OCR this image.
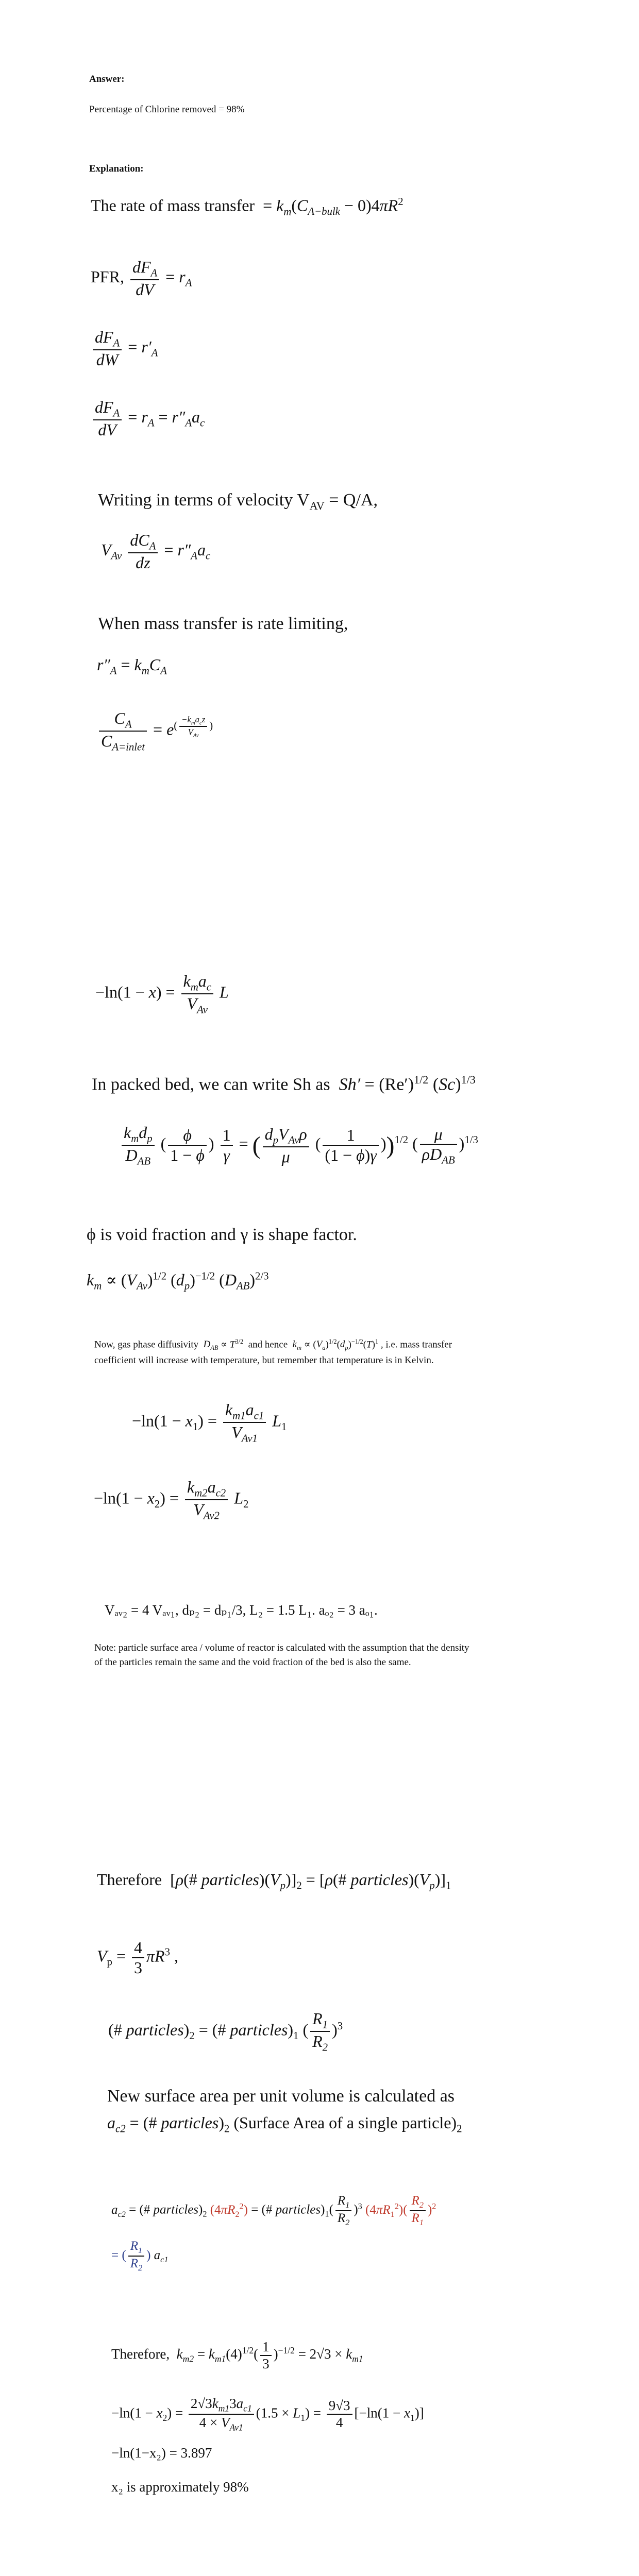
Answer:
Percentage of Chlorine removed = 98%
Explanation:
The rate of mass transfer  = $k_m(C_{A-bulk} - 0)4\pi R^2$
PFR, $\frac{dF_A}{dV} = r_A$
$\frac{dF_A}{dW} = r'_A$
$\frac{dF_A}{dV} = r_A = r''_Aa_c$
Writing in terms of velocity $V_{AV} = Q/A$,
$V_{Av} \frac{dC_A}{dz} = r''_Aa_c$
When mass transfer is rate limiting,
$r''_A = k_mC_A$
$\frac{C_A}{C_{A=inlet}} = e^{( \frac{-k_ma_cz}{V_{Av}} )}$
$-\ln(1 - x) = \frac{k_ma_c}{V_{Av}}$ L
In packed bed, we can write Sh as $Sh' = (Re')^{1/2}$ $(Sc)^{1/3}$
$\frac{k_md_p}{D_{AB}}$ ( $\frac{\phi}{1 - \phi}$ ) $\frac{1}{\gamma}$ = ( $\frac{d_pV_{Av}\rho}{\mu}$ ( $\frac{1}{(1 - \phi)\gamma} ))^{1/2}$ ( $\frac{\mu}{\rho D_{AB}} )^{1/3}$
ϕ is void fraction and γ is shape factor.
$k_m \propto (V_{Av})^{1/2}$ $(d_p)^{-1/2}$ $(D_{AB})^{2/3}$
Now, gas phase diffusivity $D_{AB} \propto T^{3/2}$ and hence $k_m \propto (V_a)^{1/2}(d_p)^{-1/2}(T)^1$ , i.e. mass transfer
coefficient will increase with temperature, but remember that temperature is in Kelvin.
$-\ln(1 - x_1) = \frac{k_{m1}a_{c1}}{V_{Av1}} L_1$
$-\ln(1 - x_2) = \frac{k_{m2}a_{c2}}{V_{Av2}} L_2$
Vₐᵥ₂ = 4 Vₐᵥ₁, dₚ₂ = dₚ₁/3, L₂ = 1.5 L₁. aₒ₂ = 3 aₒ₁.
Note: particle surface area / volume of reactor is calculated with the assumption that the density
of the particles remain the same and the void fraction of the bed is also the same.
Therefore  [ρ(# $particles)(V_p)]_2$ = [ρ(# $particles)(V_p)]_1$
$V_p = \frac{4}{3} \pi R^3$ ,
(# $particles)_2$ = (# $particles)_1$ ( $\frac{R_1}{R_2} )^3$
New surface area per unit volume is calculated as
$a_{c2}$ = (# $particles)_2$ (Surface Area of a single $particle)_2$
$a_{c2}$ = (# $particles)_2$ $(4\pi R_2^2)$ = (# $particles)_1( \frac{R_1}{R_2} )^3$ $(4\pi R_1^2)( \frac{R_2}{R_1} )^2$
= ( $\frac{R_1}{R_2}$ ) $a_{c1}$
Therefore, $k_{m2} = k_{m1}(4)^{1/2}( \frac{1}{3} )^{-1/2} = 2√3 \times k_{m1}$
$-\ln(1 - x_2) = \frac{2√3k_{m1}3a_{c1}}{4 \times V_{Av1}} (1.5 \times L_1) = \frac{9√3}{4} [-\ln(1 - x_1)]$
−ln(1−x₂) = 3.897
x₂ is approximately 98%
